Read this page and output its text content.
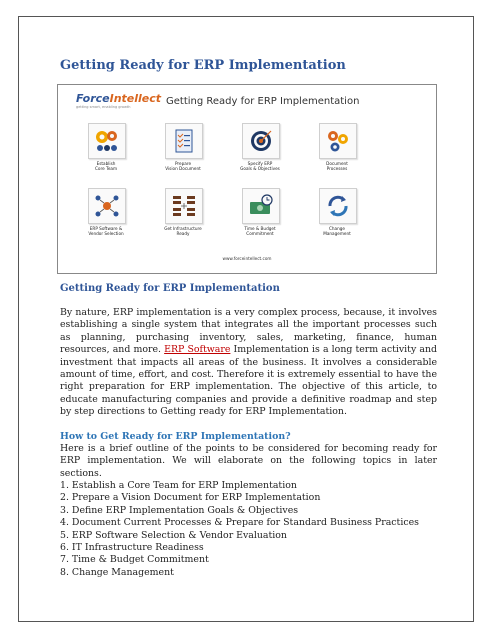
Getting Ready for ERP Implementation
ForceIntellect
getting smart, enabling growth	Getting Ready for ERP Implementation
Establish
Core Team
Prepare
Vision Document
Specify ERP
Goals & Objectives
Document
Processes
ERP Software &
Vendor Selection
Get Infrastructure
Ready
Time & Budget
Commitment
Change
Management
www.forceintellect.com
Getting Ready for ERP Implementation

By nature, ERP implementation is a very complex process, because, it involves establishing a single system that integrates all the important processes such as planning, purchasing inventory, sales, marketing, finance, human resources, and more. ERP Software Implementation is a long term activity and investment that impacts all areas of the business. It involves a considerable amount of time, effort, and cost. Therefore it is extremely essential to have the right preparation for ERP implementation. The objective of this article, to educate manufacturing companies and provide a definitive roadmap and step by step directions to Getting ready for ERP Implementation.

How to Get Ready for ERP Implementation?

Here is a brief outline of the points to be considered for becoming ready for ERP implementation. We will elaborate on the following topics in later sections.

1. Establish a Core Team for ERP Implementation
2. Prepare a Vision Document for ERP Implementation
3. Define ERP Implementation Goals & Objectives
4. Document Current Processes & Prepare for Standard Business Practices
5. ERP Software Selection & Vendor Evaluation
6. IT Infrastructure Readiness
7. Time & Budget Commitment
8. Change Management
